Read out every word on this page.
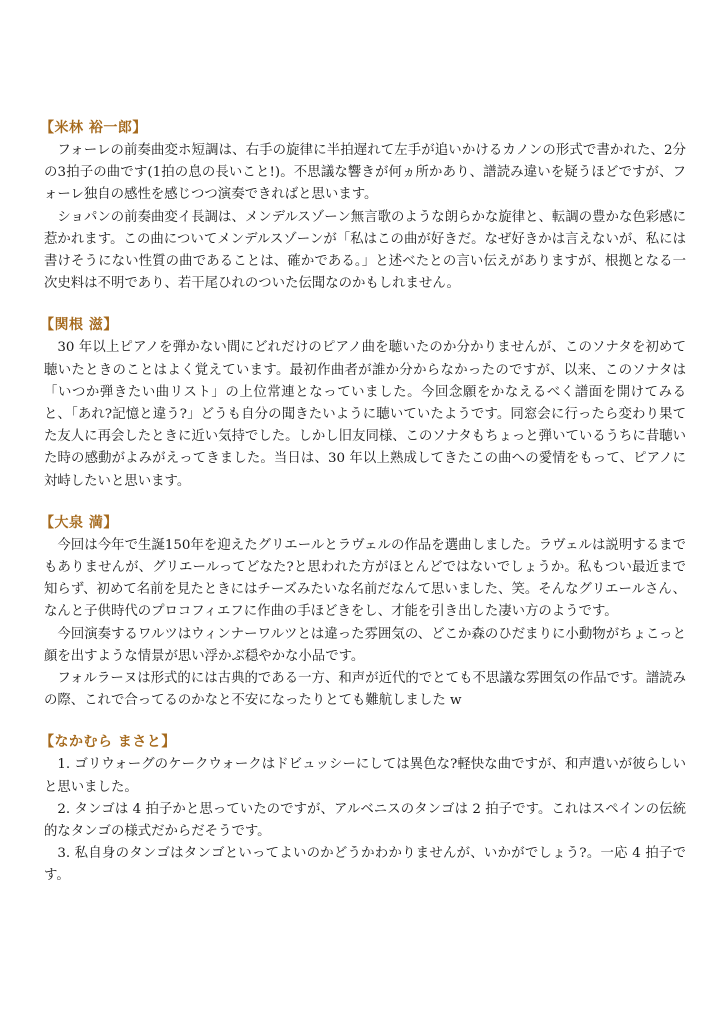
【米林 裕一郎】

フォーレの前奏曲変ホ短調は、右手の旋律に半拍遅れて左手が追いかけるカノンの形式で書かれた、2分の3拍子の曲です(1拍の息の長いこと!)。不思議な響きが何ヵ所かあり、譜読み違いを疑うほどですが、フォーレ独自の感性を感じつつ演奏できればと思います。

ショパンの前奏曲変イ長調は、メンデルスゾーン無言歌のような朗らかな旋律と、転調の豊かな色彩感に惹かれます。この曲についてメンデルスゾーンが「私はこの曲が好きだ。なぜ好きかは言えないが、私には書けそうにない性質の曲であることは、確かである。」と述べたとの言い伝えがありますが、根拠となる一次史料は不明であり、若干尾ひれのついた伝聞なのかもしれません。

【関根 滋】

30 年以上ピアノを弾かない間にどれだけのピアノ曲を聴いたのか分かりませんが、このソナタを初めて聴いたときのことはよく覚えています。最初作曲者が誰か分からなかったのですが、以来、このソナタは「いつか弾きたい曲リスト」の上位常連となっていました。今回念願をかなえるべく譜面を開けてみると、「あれ?記憶と違う?」どうも自分の聞きたいように聴いていたようです。同窓会に行ったら変わり果てた友人に再会したときに近い気持でした。しかし旧友同様、このソナタもちょっと弾いているうちに昔聴いた時の感動がよみがえってきました。当日は、30 年以上熟成してきたこの曲への愛情をもって、ピアノに対峙したいと思います。

【大泉 満】

今回は今年で生誕150年を迎えたグリエールとラヴェルの作品を選曲しました。ラヴェルは説明するまでもありませんが、グリエールってどなた?と思われた方がほとんどではないでしょうか。私もつい最近まで知らず、初めて名前を見たときにはチーズみたいな名前だなんて思いました、笑。そんなグリエールさん、なんと子供時代のプロコフィエフに作曲の手ほどきをし、才能を引き出した凄い方のようです。

今回演奏するワルツはウィンナーワルツとは違った雰囲気の、どこか森のひだまりに小動物がちょこっと顔を出すような情景が思い浮かぶ穏やかな小品です。

フォルラーヌは形式的には古典的である一方、和声が近代的でとても不思議な雰囲気の作品です。譜読みの際、これで合ってるのかなと不安になったりとても難航しました w

【なかむら まさと】

1. ゴリウォーグのケークウォークはドビュッシーにしては異色な?軽快な曲ですが、和声遣いが彼らしいと思いました。

2. タンゴは 4 拍子かと思っていたのですが、アルベニスのタンゴは 2 拍子です。これはスペインの伝統的なタンゴの様式だからだそうです。

3. 私自身のタンゴはタンゴといってよいのかどうかわかりませんが、いかがでしょう?。一応 4 拍子です。
